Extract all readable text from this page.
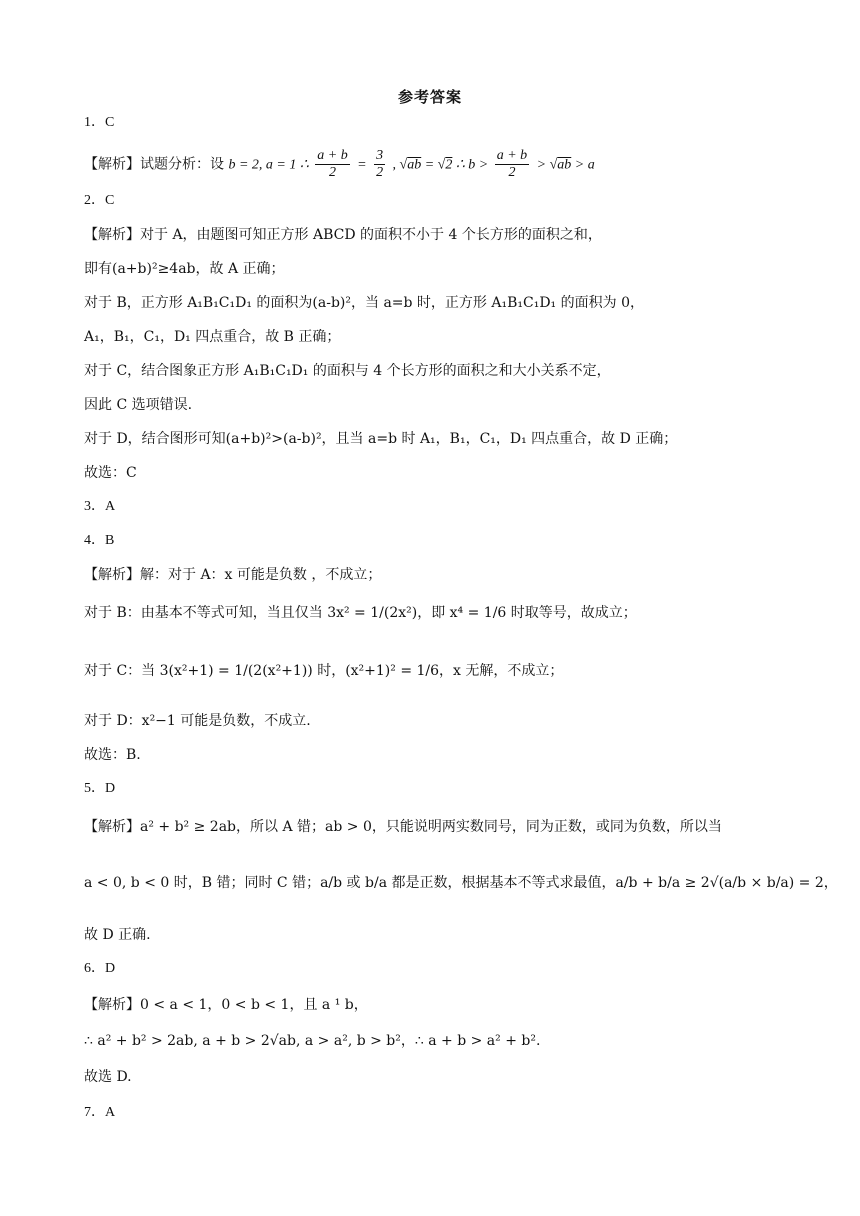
参考答案
1．C
【解析】试题分析：设 b = 2, a = 1 ∴ $\frac{a + b}{2} = \frac{3}{2}$ , √ab = √2 ∴ $b > \frac{a + b}{2} > √ab > a$
2．C
【解析】对于 A，由题图可知正方形 ABCD 的面积不小于 4 个长方形的面积之和，
即有(a+b)²≥4ab，故 A 正确；
对于 B，正方形 A₁B₁C₁D₁ 的面积为(a-b)²，当 a=b 时，正方形 A₁B₁C₁D₁ 的面积为 0，
A₁，B₁，C₁，D₁ 四点重合，故 B 正确；
对于 C，结合图象正方形 A₁B₁C₁D₁ 的面积与 4 个长方形的面积之和大小关系不定，
因此 C 选项错误.
对于 D，结合图形可知(a+b)²>(a-b)²，且当 a=b 时 A₁，B₁，C₁，D₁ 四点重合，故 D 正确；
故选：C
3．A
4．B
【解析】解：对于 A：x 可能是负数 ，不成立；
对于 B：由基本不等式可知，当且仅当 3x² = 1/(2x²)，即 x⁴ = 1/6 时取等号，故成立；
对于 C：当 3(x²+1) = 1/(2(x²+1)) 时，(x²+1)² = 1/6，x 无解，不成立；
对于 D：x²−1 可能是负数，不成立.
故选：B.
5．D
【解析】a² + b² ≥ 2ab，所以 A 错；ab > 0，只能说明两实数同号，同为正数，或同为负数，所以当
a < 0, b < 0 时，B 错；同时 C 错；a/b 或 b/a 都是正数，根据基本不等式求最值，a/b + b/a ≥ 2√(a/b × b/a) = 2，
故 D 正确.
6．D
【解析】0 < a < 1，0 < b < 1，且 a ¹ b，
∴ a² + b² > 2ab, a + b > 2√ab, a > a², b > b²，∴ a + b > a² + b².
故选 D.
7．A
